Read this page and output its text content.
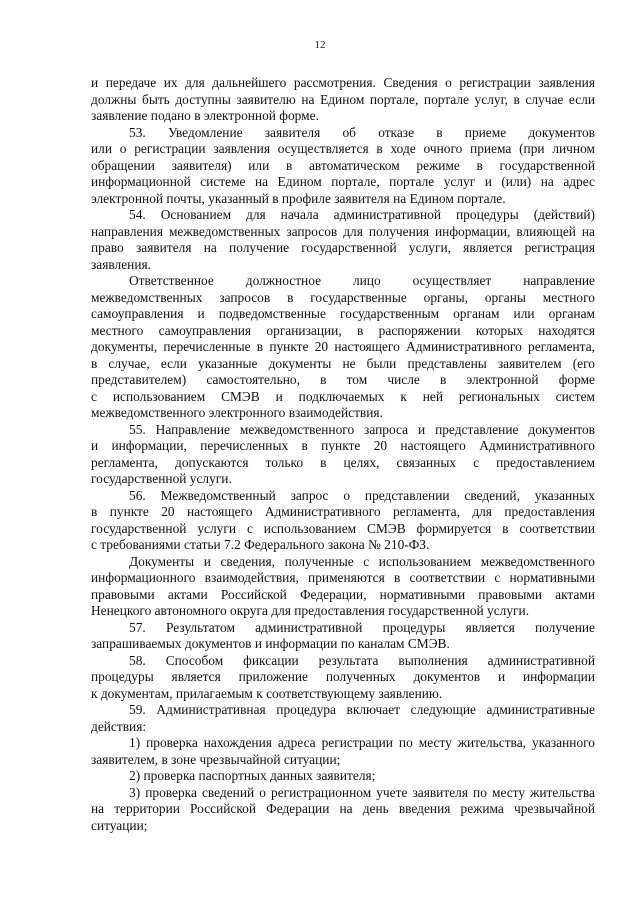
12

и передаче их для дальнейшего рассмотрения. Сведения о регистрации заявления

должны быть доступны заявителю на Едином портале, портале услуг, в случае если

заявление подано в электронной форме.

53. Уведомление заявителя об отказе в приеме документов

или о регистрации заявления осуществляется в ходе очного приема (при личном

обращении заявителя) или в автоматическом режиме в государственной

информационной системе на Едином портале, портале услуг и (или) на адрес

электронной почты, указанный в профиле заявителя на Едином портале.

54. Основанием для начала административной процедуры (действий)

направления межведомственных запросов для получения информации, влияющей на

право заявителя на получение государственной услуги, является регистрация

заявления.

Ответственное должностное лицо осуществляет направление

межведомственных запросов в государственные органы, органы местного

самоуправления и подведомственные государственным органам или органам

местного самоуправления организации, в распоряжении которых находятся

документы, перечисленные в пункте 20 настоящего Административного регламента,

в случае, если указанные документы не были представлены заявителем (его

представителем) самостоятельно, в том числе в электронной форме

с использованием СМЭВ и подключаемых к ней региональных систем

межведомственного электронного взаимодействия.

55. Направление межведомственного запроса и представление документов

и информации, перечисленных в пункте 20 настоящего Административного

регламента, допускаются только в целях, связанных с предоставлением

государственной услуги.

56. Межведомственный запрос о представлении сведений, указанных

в пункте 20 настоящего Административного регламента, для предоставления

государственной услуги с использованием СМЭВ формируется в соответствии

с требованиями статьи 7.2 Федерального закона № 210-ФЗ.

Документы и сведения, полученные с использованием межведомственного

информационного взаимодействия, применяются в соответствии с нормативными

правовыми актами Российской Федерации, нормативными правовыми актами

Ненецкого автономного округа для предоставления государственной услуги.

57. Результатом административной процедуры является получение

запрашиваемых документов и информации по каналам СМЭВ.

58. Способом фиксации результата выполнения административной

процедуры является приложение полученных документов и информации

к документам, прилагаемым к соответствующему заявлению.

59. Административная процедура включает следующие административные

действия:

1) проверка нахождения адреса регистрации по месту жительства, указанного

заявителем, в зоне чрезвычайной ситуации;

2) проверка паспортных данных заявителя;

3) проверка сведений о регистрационном учете заявителя по месту жительства

на территории Российской Федерации на день введения режима чрезвычайной

ситуации;
